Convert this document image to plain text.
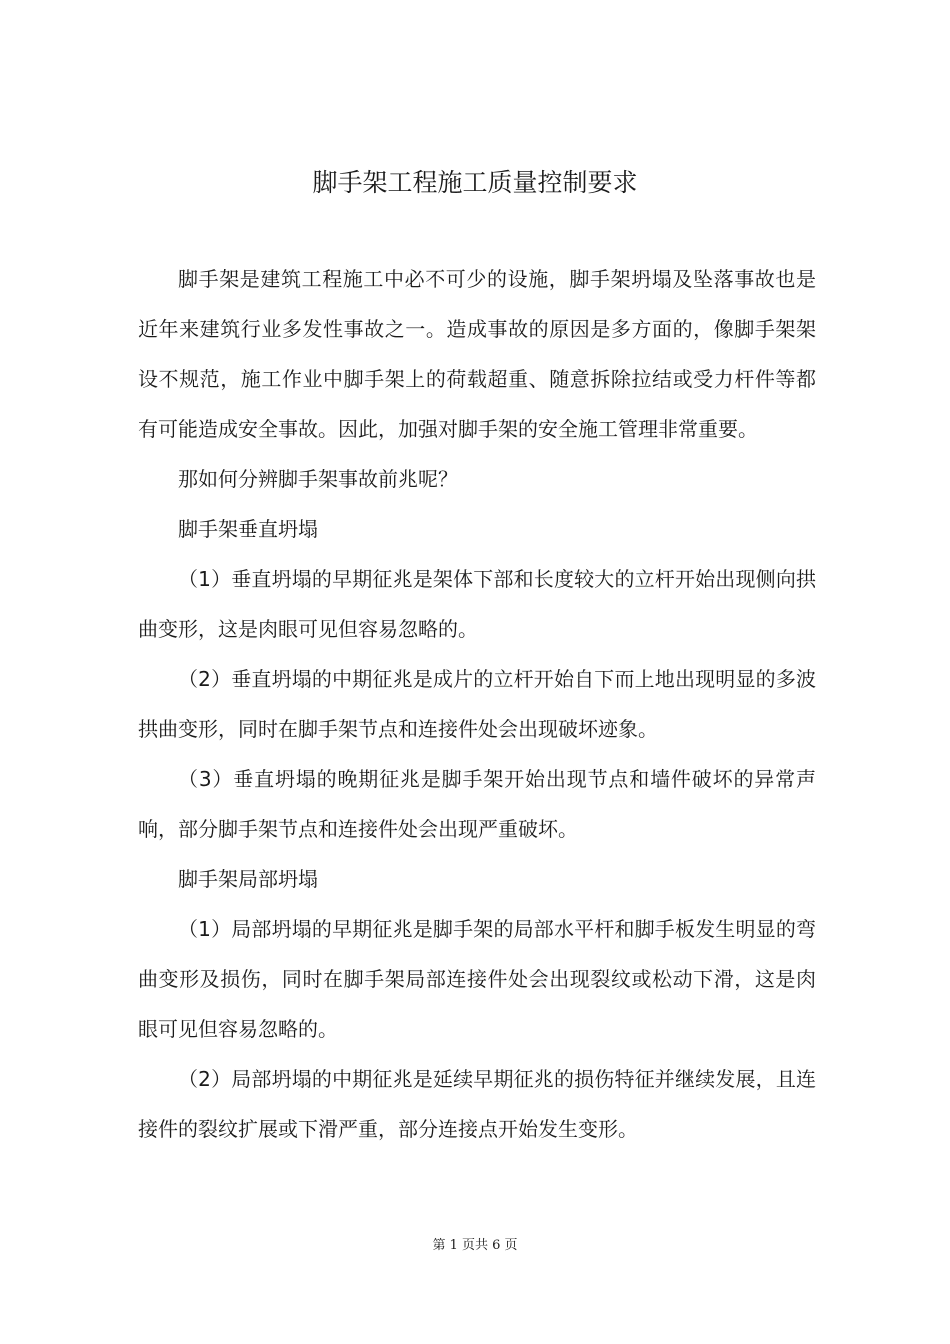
脚手架工程施工质量控制要求

脚手架是建筑工程施工中必不可少的设施，脚手架坍塌及坠落事故也是近年来建筑行业多发性事故之一。造成事故的原因是多方面的，像脚手架架设不规范，施工作业中脚手架上的荷载超重、随意拆除拉结或受力杆件等都有可能造成安全事故。因此，加强对脚手架的安全施工管理非常重要。

那如何分辨脚手架事故前兆呢？

脚手架垂直坍塌

（1）垂直坍塌的早期征兆是架体下部和长度较大的立杆开始出现侧向拱曲变形，这是肉眼可见但容易忽略的。

（2）垂直坍塌的中期征兆是成片的立杆开始自下而上地出现明显的多波拱曲变形，同时在脚手架节点和连接件处会出现破坏迹象。

（3）垂直坍塌的晚期征兆是脚手架开始出现节点和墙件破坏的异常声响，部分脚手架节点和连接件处会出现严重破坏。

脚手架局部坍塌

（1）局部坍塌的早期征兆是脚手架的局部水平杆和脚手板发生明显的弯曲变形及损伤，同时在脚手架局部连接件处会出现裂纹或松动下滑，这是肉眼可见但容易忽略的。

（2）局部坍塌的中期征兆是延续早期征兆的损伤特征并继续发展，且连接件的裂纹扩展或下滑严重，部分连接点开始发生变形。

第 1 页共 6 页
